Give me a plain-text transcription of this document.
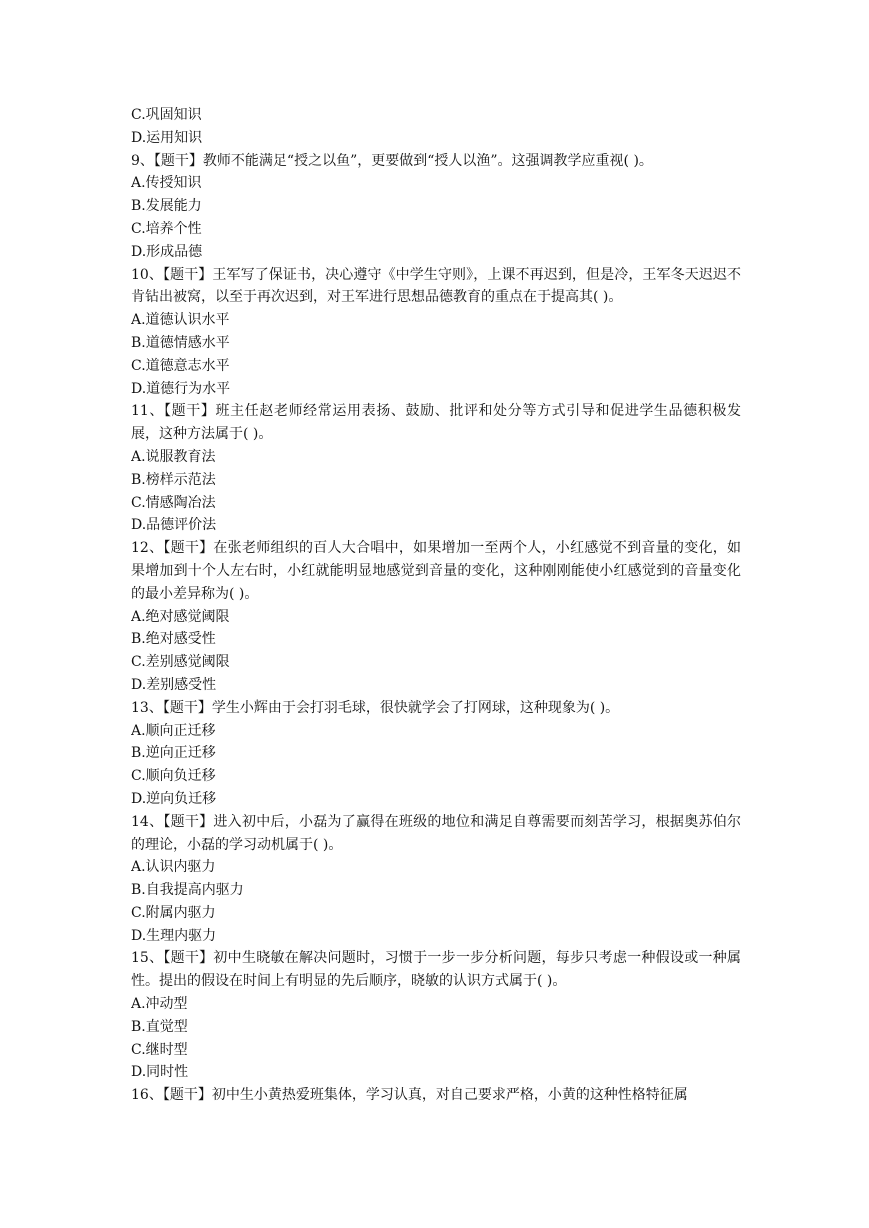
C.巩固知识
D.运用知识
9、【题干】教师不能满足“授之以鱼”，更要做到“授人以渔”。这强调教学应重视( )。
A.传授知识
B.发展能力
C.培养个性
D.形成品德
10、【题干】王军写了保证书，决心遵守《中学生守则》，上课不再迟到，但是冷，王军冬天迟迟不肯钻出被窝，以至于再次迟到，对王军进行思想品德教育的重点在于提高其( )。
A.道德认识水平
B.道德情感水平
C.道德意志水平
D.道德行为水平
11、【题干】班主任赵老师经常运用表扬、鼓励、批评和处分等方式引导和促进学生品德积极发展，这种方法属于( )。
A.说服教育法
B.榜样示范法
C.情感陶冶法
D.品德评价法
12、【题干】在张老师组织的百人大合唱中，如果增加一至两个人，小红感觉不到音量的变化，如果增加到十个人左右时，小红就能明显地感觉到音量的变化，这种刚刚能使小红感觉到的音量变化的最小差异称为( )。
A.绝对感觉阈限
B.绝对感受性
C.差别感觉阈限
D.差别感受性
13、【题干】学生小辉由于会打羽毛球，很快就学会了打网球，这种现象为( )。
A.顺向正迁移
B.逆向正迁移
C.顺向负迁移
D.逆向负迁移
14、【题干】进入初中后，小磊为了赢得在班级的地位和满足自尊需要而刻苦学习，根据奥苏伯尔的理论，小磊的学习动机属于( )。
A.认识内驱力
B.自我提高内驱力
C.附属内驱力
D.生理内驱力
15、【题干】初中生晓敏在解决问题时，习惯于一步一步分析问题，每步只考虑一种假设或一种属性。提出的假设在时间上有明显的先后顺序，晓敏的认识方式属于( )。
A.冲动型
B.直觉型
C.继时型
D.同时性
16、【题干】初中生小黄热爱班集体，学习认真，对自己要求严格，小黄的这种性格特征属
